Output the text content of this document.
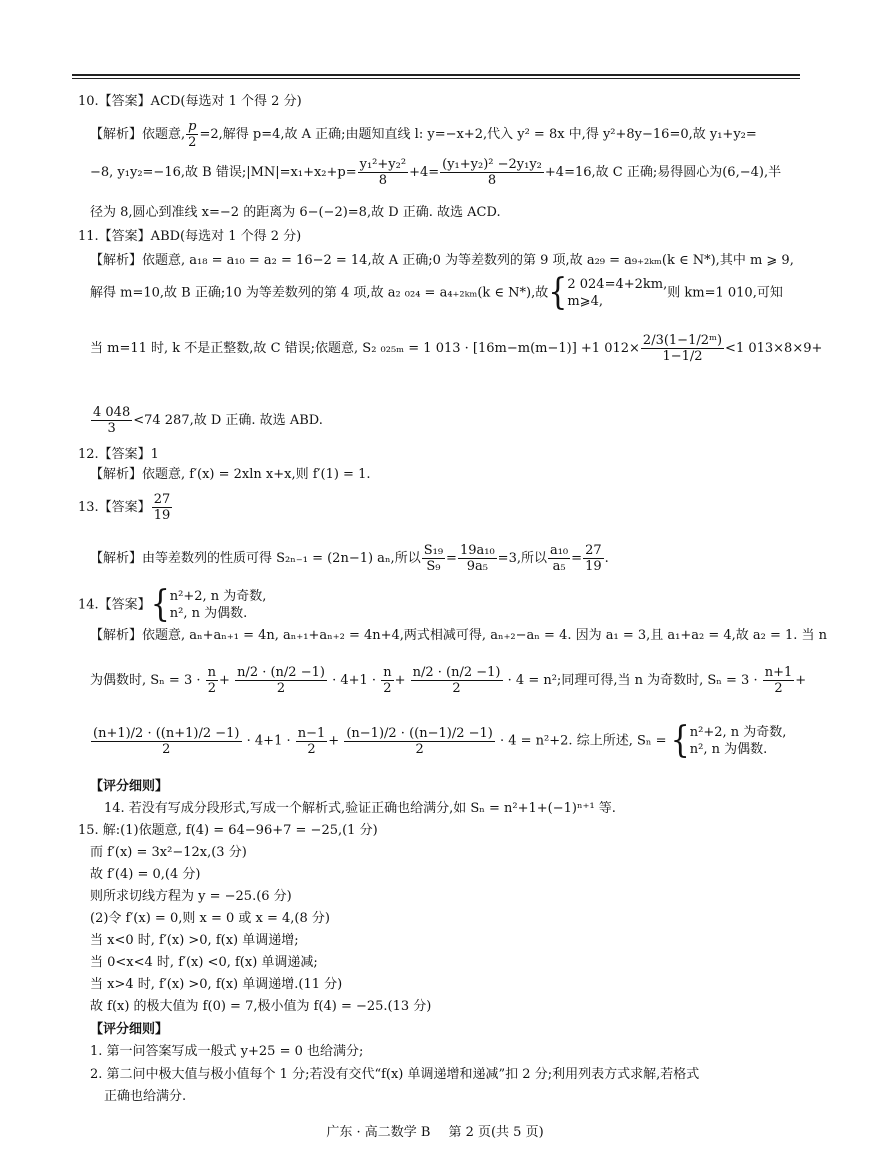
10.【答案】ACD(每选对 1 个得 2 分)
【解析】依题意, $\frac{p}{2} =2$,解得 p=4,故 A 正确;由题知直线 l: y=−x+2,代入 y² = 8x 中,得 y²+8y−16=0,故 y₁+y₂=
−8, y₁y₂=−16,故 B 错误;|MN|=x₁+x₂+p= $\frac{\text{y₁²+y₂²}}{8} +4= \frac{\text{(y₁+y₂)² −2y₁y₂}}{8} +4=16$,故 C 正确;易得圆心为(6,−4),半
径为 8,圆心到准线 x=−2 的距离为 6−(−2)=8,故 D 正确. 故选 ACD.
11.【答案】ABD(每选对 1 个得 2 分)
【解析】依题意, a₁₈ = a₁₀ = a₂ = 16−2 = 14,故 A 正确;0 为等差数列的第 9 项,故 a₂₉ = a₉₊₂ₖₘ(k ∈ N*),其中 m ⩾ 9,
解得 m=10,故 B 正确;10 为等差数列的第 4 项,故 a₂ ₀₂₄ = a₄₊₂ₖₘ(k ∈ N*),故 { 2 024=4+2km,
m⩾4,
则 km=1 010,可知
当 m=11 时, k 不是正整数,故 C 错误;依题意, S₂ ₀₂₅ₘ = 1 013 · [16m−m(m−1)] +1 $012\times \frac{\text{2/3(1−1/2ᵐ)}}{1-1/2} <1$ 013×8×9+
$\frac{4 048}{3} <74$ 287,故 D 正确. 故选 ABD.
12.【答案】1
【解析】依题意, f′(x) = 2xln x+x,则 f′(1) = 1.
13.【答案】 $\frac{27}{19}$
【解析】由等差数列的性质可得 S₂ₙ₋₁ = (2n−1) aₙ,所以 $\frac{\text{S₁₉}}{\text{S₉}} = \frac{\text{19a₁₀}}{\text{9a₅}} =3$,所以 $\frac{\text{a₁₀}}{\text{a₅}} = \frac{27}{19}$ .
14.【答案】 { n²+2, n 为奇数,
n², n 为偶数.
【解析】依题意, aₙ+aₙ₊₁ = 4n, aₙ₊₁+aₙ₊₂ = 4n+4,两式相减可得, aₙ₊₂−aₙ = 4. 因为 a₁ = 3,且 a₁+a₂ = 4,故 a₂ = 1. 当 n
为偶数时, $S_n = 3 \cdot \frac{n}{2} + \frac{n/2 \cdot (n/2 -1)}{2} \cdot 4+1 \cdot \frac{n}{2} + \frac{n/2 \cdot (n/2 -1)}{2} \cdot 4 = n^2$;同理可得,当 n 为奇数时, $S_n = 3 \cdot \frac{n+1}{2}$ +
$\frac{(n+1)/2 \cdot ((n+1)/2 -1)}{2} \cdot 4+1 \cdot \frac{n-1}{2} + \frac{(n-1)/2 \cdot ((n-1)/2 -1)}{2} \cdot 4 = n^2+2$. 综上所述, Sₙ = { n²+2, n 为奇数,
n², n 为偶数.
【评分细则】
14. 若没有写成分段形式,写成一个解析式,验证正确也给满分,如 Sₙ = n²+1+(−1)ⁿ⁺¹ 等.
15. 解:(1)依题意, f(4) = 64−96+7 = −25,(1 分)
而 f′(x) = 3x²−12x,(3 分)
故 f′(4) = 0,(4 分)
则所求切线方程为 y = −25.(6 分)
(2)令 f′(x) = 0,则 x = 0 或 x = 4,(8 分)
当 x<0 时, f′(x) >0, f(x) 单调递增;
当 0<x<4 时, f′(x) <0, f(x) 单调递减;
当 x>4 时, f′(x) >0, f(x) 单调递增.(11 分)
故 f(x) 的极大值为 f(0) = 7,极小值为 f(4) = −25.(13 分)
【评分细则】
1. 第一问答案写成一般式 y+25 = 0 也给满分;
2. 第二问中极大值与极小值每个 1 分;若没有交代“f(x) 单调递增和递减”扣 2 分;利用列表方式求解,若格式
正确也给满分.
广东 · 高二数学 B 第 2 页(共 5 页)
